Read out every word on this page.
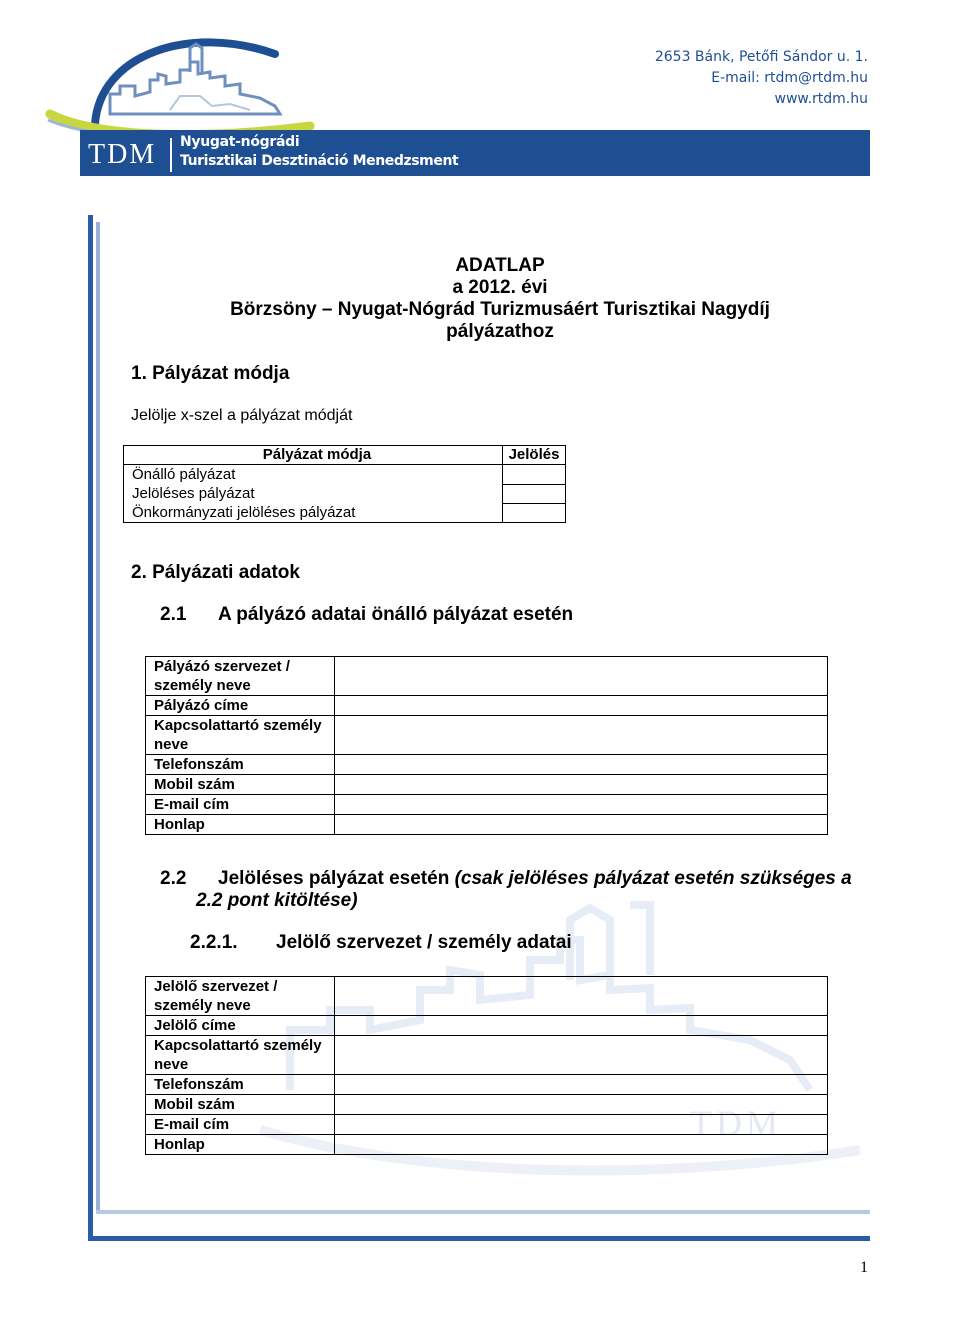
2653 Bánk, Petőfi Sándor u. 1.
E-mail: rtdm@rtdm.hu
www.rtdm.hu
TDM Nyugat-nógrádi
Turisztikai Desztináció Menedzsment
TDM
ADATLAP
a 2012. évi
Börzsöny – Nyugat-Nógrád Turizmusáért Turisztikai Nagydíj
pályázathoz
1. Pályázat módja
Jelölje x-szel a pályázat módját
Pályázat módja	Jelölés
Önálló pályázat	
Jelöléses pályázat	
Önkormányzati jelöléses pályázat	
2. Pályázati adatok
2.1 A pályázó adatai önálló pályázat esetén
Pályázó szervezet / személy neve	
Pályázó címe	
Kapcsolattartó személy neve	
Telefonszám	
Mobil szám	
E-mail cím	
Honlap	
2.2 Jelöléses pályázat esetén (csak jelöléses pályázat esetén szükséges a
2.2 pont kitöltése)
2.2.1. Jelölő szervezet / személy adatai
Jelölő szervezet / személy neve	
Jelölő címe	
Kapcsolattartó személy neve	
Telefonszám	
Mobil szám	
E-mail cím	
Honlap	
1
